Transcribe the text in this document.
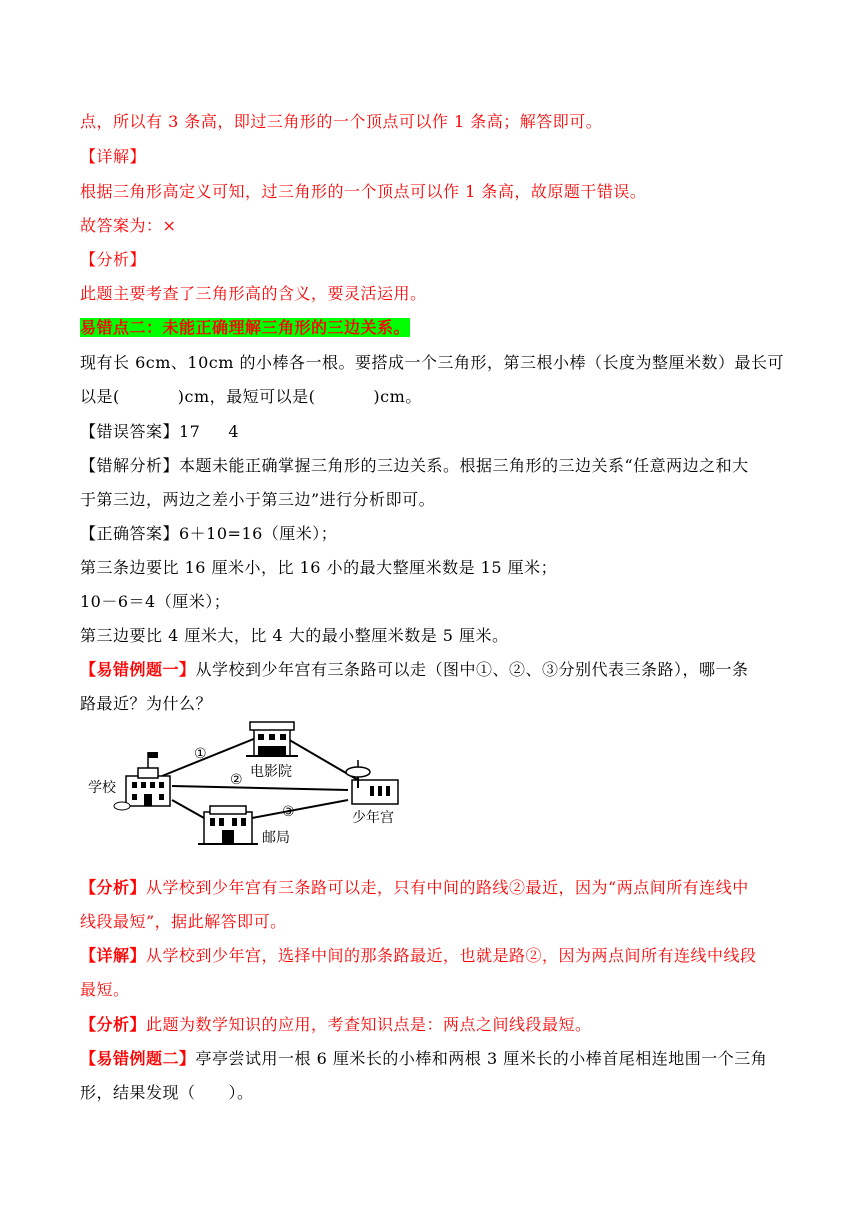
点，所以有 3 条高，即过三角形的一个顶点可以作 1 条高；解答即可。
【详解】
根据三角形高定义可知，过三角形的一个顶点可以作 1 条高，故原题干错误。
故答案为：×
【分析】
此题主要考查了三角形高的含义，要灵活运用。
易错点二：未能正确理解三角形的三边关系。
现有长 6cm、10cm 的小棒各一根。要搭成一个三角形，第三根小棒（长度为整厘米数）最长可
以是(	)cm，最短可以是(	)cm。
【错误答案】17 4
【错解分析】本题未能正确掌握三角形的三边关系。根据三角形的三边关系“任意两边之和大
于第三边，两边之差小于第三边”进行分析即可。
【正确答案】6＋10=16（厘米）；
第三条边要比 16 厘米小，比 16 小的最大整厘米数是 15 厘米；
10－6＝4（厘米）；
第三边要比 4 厘米大，比 4 大的最小整厘米数是 5 厘米。
【易错例题一】从学校到少年宫有三条路可以走（图中①、②、③分别代表三条路），哪一条
路最近？为什么？
学校
电影院
少年宫
邮局
①
②
③
【分析】从学校到少年宫有三条路可以走，只有中间的路线②最近，因为“两点间所有连线中
线段最短”，据此解答即可。
【详解】从学校到少年宫，选择中间的那条路最近，也就是路②，因为两点间所有连线中线段
最短。
【分析】此题为数学知识的应用，考查知识点是：两点之间线段最短。
【易错例题二】亭亭尝试用一根 6 厘米长的小棒和两根 3 厘米长的小棒首尾相连地围一个三角
形，结果发现（　　）。
